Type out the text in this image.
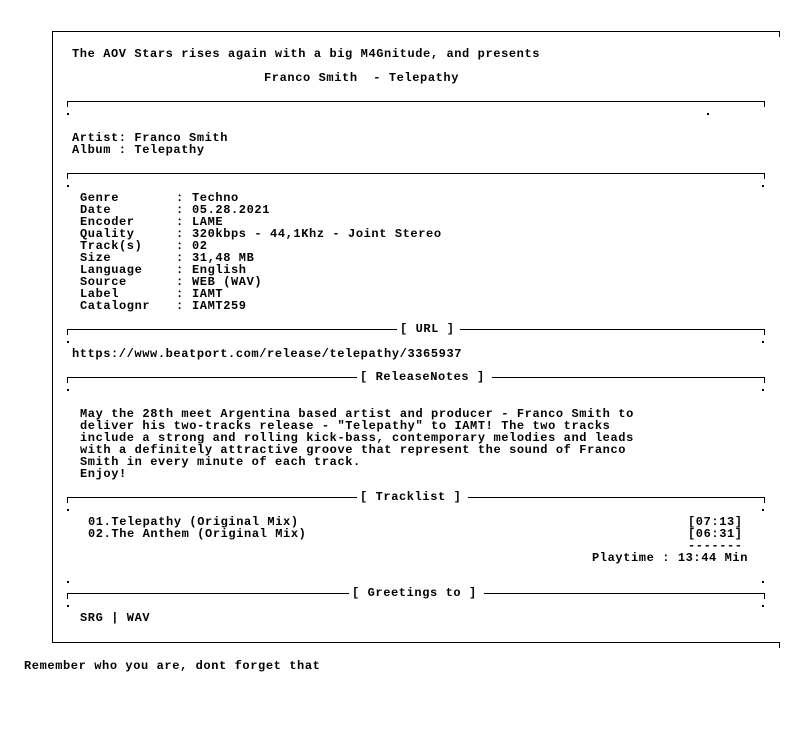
The AOV Stars rises again with a big M4Gnitude, and presents
Franco Smith  - Telepathy
Artist: Franco Smith
Album : Telepathy
Genre	: Techno
Date	: 05.28.2021
Encoder	: LAME
Quality	: 320kbps - 44,1Khz - Joint Stereo
Track(s)	: 02
Size	: 31,48 MB
Language	: English
Source	: WEB (WAV)
Label	: IAMT
Catalognr : IAMT259
[ URL ]
https://www.beatport.com/release/telepathy/3365937
[ ReleaseNotes ]
May the 28th meet Argentina based artist and producer - Franco Smith to
deliver his two-tracks release - "Telepathy" to IAMT! The two tracks
include a strong and rolling kick-bass, contemporary melodies and leads
with a definitely attractive groove that represent the sound of Franco
Smith in every minute of each track.
Enjoy!
[ Tracklist ]
01.Telepathy (Original Mix)	[07:13]
02.The Anthem (Original Mix)	[06:31]
-------
Playtime : 13:44 Min
[ Greetings to ]
SRG | WAV
Remember who you are, dont forget that
